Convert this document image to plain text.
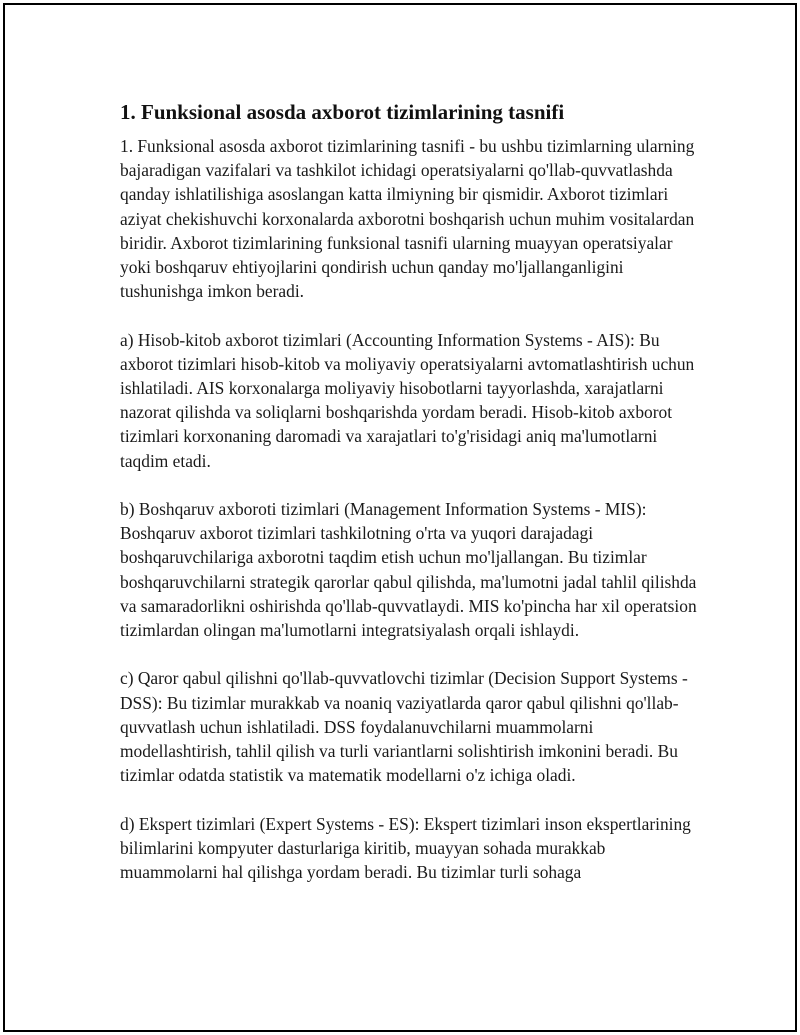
1. Funksional asosda axborot tizimlarining tasnifi

1. Funksional asosda axborot tizimlarining tasnifi - bu ushbu tizimlarning ularning bajaradigan vazifalari va tashkilot ichidagi operatsiyalarni qo'llab-quvvatlashda qanday ishlatilishiga asoslangan katta ilmiyning bir qismidir. Axborot tizimlari aziyat chekishuvchi korxonalarda axborotni boshqarish uchun muhim vositalardan biridir. Axborot tizimlarining funksional tasnifi ularning muayyan operatsiyalar yoki boshqaruv ehtiyojlarini qondirish uchun qanday mo'ljallanganligini tushunishga imkon beradi.

a) Hisob-kitob axborot tizimlari (Accounting Information Systems - AIS): Bu axborot tizimlari hisob-kitob va moliyaviy operatsiyalarni avtomatlashtirish uchun ishlatiladi. AIS korxonalarga moliyaviy hisobotlarni tayyorlashda, xarajatlarni nazorat qilishda va soliqlarni boshqarishda yordam beradi. Hisob-kitob axborot tizimlari korxonaning daromadi va xarajatlari to'g'risidagi aniq ma'lumotlarni taqdim etadi.

b) Boshqaruv axboroti tizimlari (Management Information Systems - MIS): Boshqaruv axborot tizimlari tashkilotning o'rta va yuqori darajadagi boshqaruvchilariga axborotni taqdim etish uchun mo'ljallangan. Bu tizimlar boshqaruvchilarni strategik qarorlar qabul qilishda, ma'lumotni jadal tahlil qilishda va samaradorlikni oshirishda qo'llab-quvvatlaydi. MIS ko'pincha har xil operatsion tizimlardan olingan ma'lumotlarni integratsiyalash orqali ishlaydi.

c) Qaror qabul qilishni qo'llab-quvvatlovchi tizimlar (Decision Support Systems - DSS): Bu tizimlar murakkab va noaniq vaziyatlarda qaror qabul qilishni qo'llab-quvvatlash uchun ishlatiladi. DSS foydalanuvchilarni muammolarni modellashtirish, tahlil qilish va turli variantlarni solishtirish imkonini beradi. Bu tizimlar odatda statistik va matematik modellarni o'z ichiga oladi.

d) Ekspert tizimlari (Expert Systems - ES): Ekspert tizimlari inson ekspertlarining bilimlarini kompyuter dasturlariga kiritib, muayyan sohada murakkab muammolarni hal qilishga yordam beradi. Bu tizimlar turli sohaga
